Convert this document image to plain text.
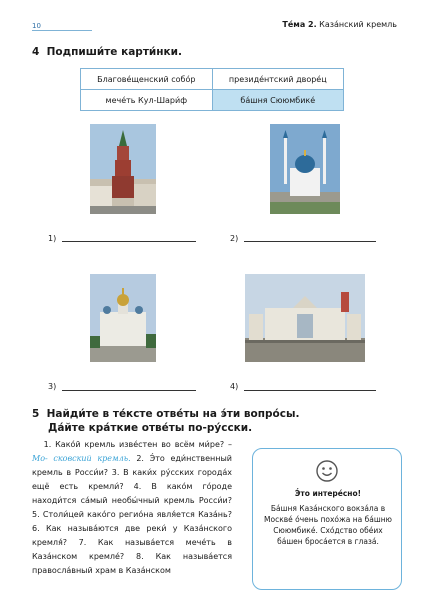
10	Те́ма 2. Каза́нский кремль
4 Подпиши́те карти́нки.
Благове́щенский собо́р	президе́нтский дворе́ц
мече́ть Кул-Шари́ф	ба́шня Сююмбике́
1)	2)
3)	4)
5 Найди́те в те́ксте отве́ты на э́ти вопро́сы.
Да́йте кра́ткие отве́ты по-ру́сски.
1. Како́й кремль изве́стен во всём ми́ре? – Мо- сковский кремль. 2. Э́то еди́нственный кремль в Росси́и? 3. В каки́х ру́сских города́х ещё есть кремли́? 4. В како́м го́роде находи́тся са́мый необы́чный кремль Росси́и? 5. Столи́цей како́го регио́на явля́ется Каза́нь? 6. Как называ́ются две реки́ у Каза́нского кремля́? 7. Как называ́ется мече́ть в Каза́нском кремле́? 8. Как называ́ется правосла́вный храм в Каза́нском
Э́то интере́сно!
Ба́шня Каза́нского вокза́ла в Москве́ о́чень похо́жа на ба́шню Сююмбике́. Схо́дство обе́их ба́шен броса́ется в глаза́.
